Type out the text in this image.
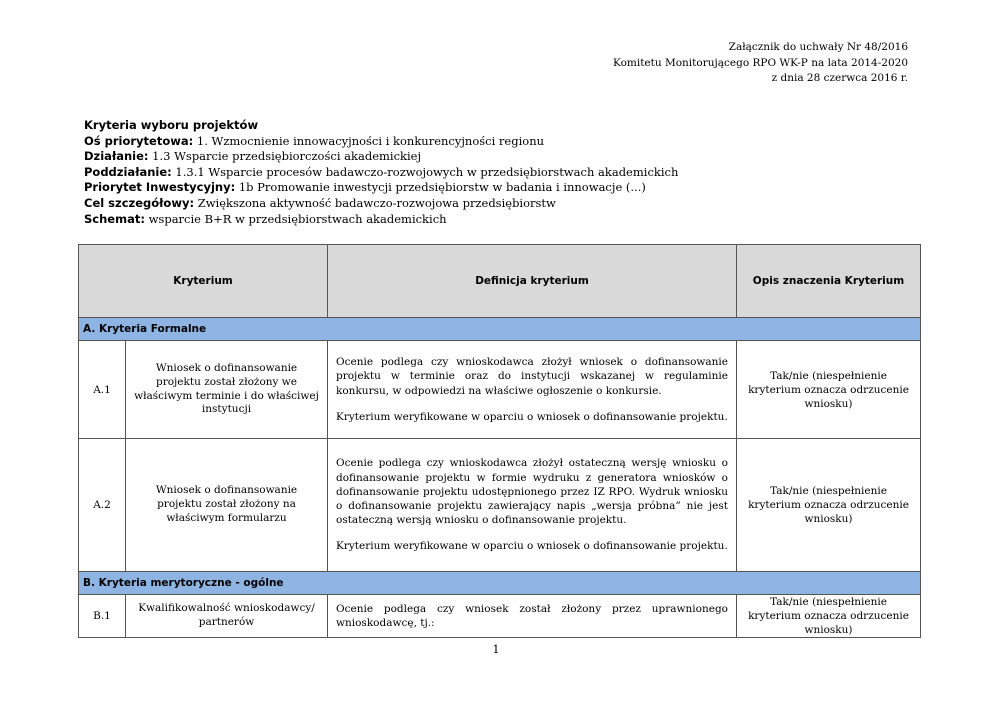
Załącznik do uchwały Nr 48/2016
Komitetu Monitorującego RPO WK-P na lata 2014-2020
z dnia 28 czerwca 2016 r.
Kryteria wyboru projektów
Oś priorytetowa: 1. Wzmocnienie innowacyjności i konkurencyjności regionu
Działanie: 1.3 Wsparcie przedsiębiorczości akademickiej
Poddziałanie: 1.3.1 Wsparcie procesów badawczo-rozwojowych w przedsiębiorstwach akademickich
Priorytet Inwestycyjny: 1b Promowanie inwestycji przedsiębiorstw w badania i innowacje (...)
Cel szczegółowy: Zwiększona aktywność badawczo-rozwojowa przedsiębiorstw
Schemat: wsparcie B+R w przedsiębiorstwach akademickich
Kryterium		Definicja kryterium	Opis znaczenia Kryterium
A. Kryteria Formalne			
A.1	Wniosek o dofinansowanie projektu został złożony we właściwym terminie i do właściwej instytucji	Ocenie podlega czy wnioskodawca złożył wniosek o dofinansowanie projektu w terminie oraz do instytucji wskazanej w regulaminie konkursu, w odpowiedzi na właściwe ogłoszenie o konkursie.

Kryterium weryfikowane w oparciu o wniosek o dofinansowanie projektu.	Tak/nie (niespełnienie kryterium oznacza odrzucenie wniosku)
A.2	Wniosek o dofinansowanie projektu został złożony na właściwym formularzu	Ocenie podlega czy wnioskodawca złożył ostateczną wersję wniosku o dofinansowanie projektu w formie wydruku z generatora wniosków o dofinansowanie projektu udostępnionego przez IZ RPO. Wydruk wniosku o dofinansowanie projektu zawierający napis „wersja próbna” nie jest ostateczną wersją wniosku o dofinansowanie projektu.

Kryterium weryfikowane w oparciu o wniosek o dofinansowanie projektu.	Tak/nie (niespełnienie kryterium oznacza odrzucenie wniosku)
B. Kryteria merytoryczne - ogólne			
B.1	Kwalifikowalność wnioskodawcy/ partnerów	Ocenie podlega czy wniosek został złożony przez uprawnionego wnioskodawcę, tj.:	Tak/nie (niespełnienie kryterium oznacza odrzucenie wniosku)
1
